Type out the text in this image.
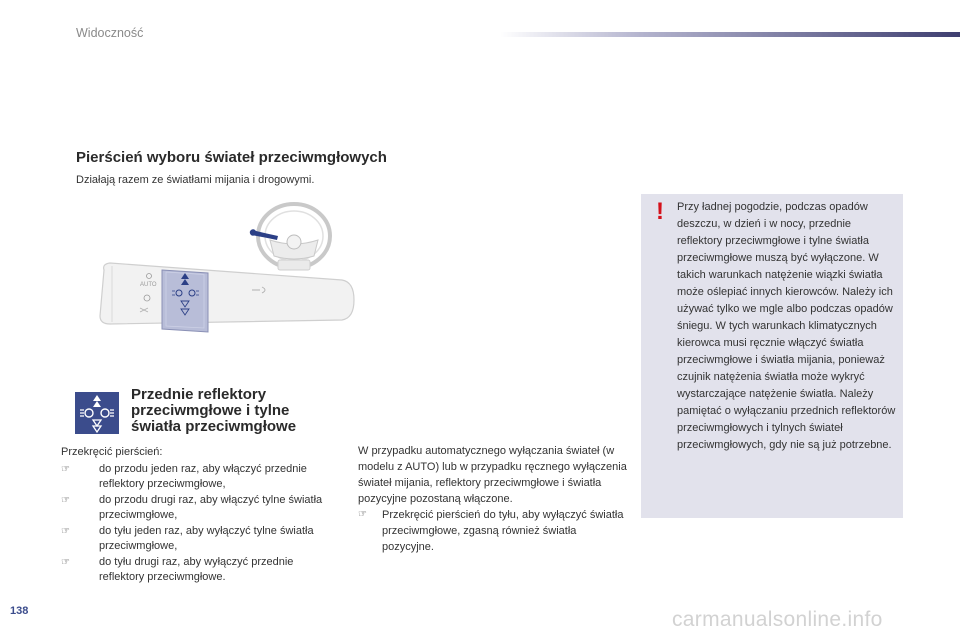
Widoczność
Pierścień wyboru świateł przeciwmgłowych
Działają razem ze światłami mijania i drogowymi.
AUTO
Przednie reflektory
przeciwmgłowe i tylne
światła przeciwmgłowe
Przekręcić pierścień:
☞	do przodu jeden raz, aby włączyć przednie reflektory przeciwmgłowe,
☞	do przodu drugi raz, aby włączyć tylne światła przeciwmgłowe,
☞	do tyłu jeden raz, aby wyłączyć tylne światła przeciwmgłowe,
☞	do tyłu drugi raz, aby wyłączyć przednie reflektory przeciwmgłowe.
W przypadku automatycznego wyłączania świateł (w modelu z AUTO) lub w przypadku ręcznego wyłączenia świateł mijania, reflektory przeciwmgłowe i światła pozycyjne pozostaną włączone.
☞	Przekręcić pierścień do tyłu, aby wyłączyć światła przeciwmgłowe, zgasną również światła pozycyjne.
! Przy ładnej pogodzie, podczas opadów deszczu, w dzień i w nocy, przednie reflektory przeciwmgłowe i tylne światła przeciwmgłowe muszą być wyłączone. W takich warunkach natężenie wiązki światła może oślepiać innych kierowców. Należy ich używać tylko we mgle albo podczas opadów śniegu. W tych warunkach klimatycznych kierowca musi ręcznie włączyć światła przeciwmgłowe i światła mijania, ponieważ czujnik natężenia światła może wykryć wystarczające natężenie światła. Należy pamiętać o wyłączaniu przednich reflektorów przeciwmgłowych i tylnych świateł przeciwmgłowych, gdy nie są już potrzebne.
138	carmanualsonline.info
